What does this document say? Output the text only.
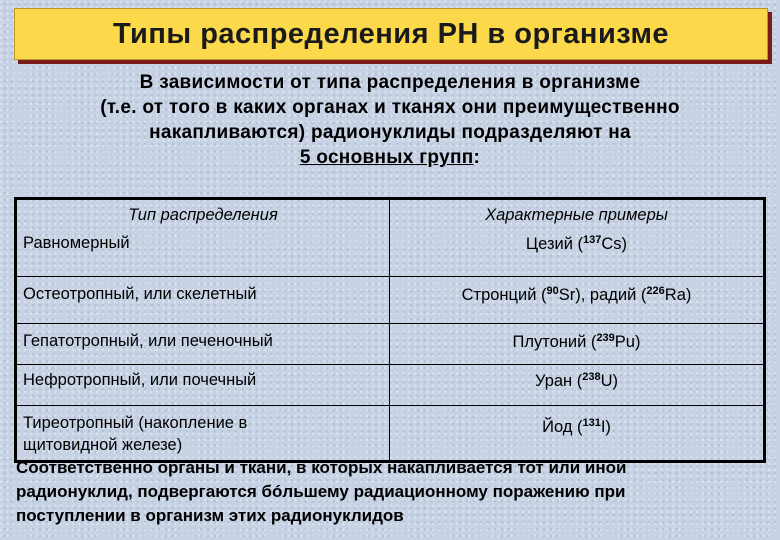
Типы распределения РН в организме
В зависимости от типа распределения в организме
(т.е. от того в каких органах и тканях они преимущественно
накапливаются) радионуклиды подразделяют на
5 основных групп:
Тип распределения	Характерные примеры
Равномерный	Цезий ($^{137}$Cs)
Остеотропный, или скелетный	Стронций ($^{90}$Sr), радий ($^{226}$Ra)
Гепатотропный, или печеночный	Плутоний ($^{239}$Pu)
Нефротропный, или почечный	Уран ($^{238}$U)
Тиреотропный (накопление в
щитовидной железе)	Йод ($^{131}$I)
Соответственно органы и ткани, в которых накапливается тот или иной
радионуклид, подвергаются бóльшему радиационному поражению при
поступлении в организм этих радионуклидов
